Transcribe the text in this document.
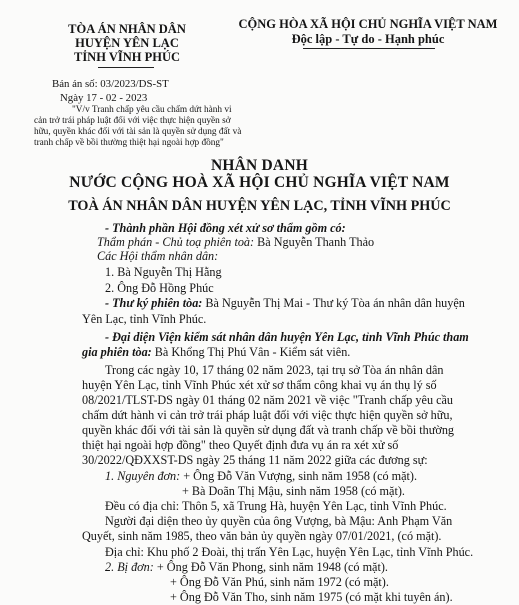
TÒA ÁN NHÂN DÂN
HUYỆN YÊN LẠC
TỈNH VĨNH PHÚC
CỘNG HÒA XÃ HỘI CHỦ NGHĨA VIỆT NAM
Độc lập - Tự do - Hạnh phúc
Bản án số: 03/2023/DS-ST
Ngày 17 - 02 - 2023
"V/v Tranh chấp yêu cầu chấm dứt hành vi
cản trở trái pháp luật đối với việc thực hiện quyền sở
hữu, quyền khác đối với tài sản là quyền sử dụng đất và
tranh chấp về bồi thường thiệt hại ngoài hợp đồng"
NHÂN DANH
NƯỚC CỘNG HOÀ XÃ HỘI CHỦ NGHĨA VIỆT NAM
TOÀ ÁN NHÂN DÂN HUYỆN YÊN LẠC, TỈNH VĨNH PHÚC
- Thành phần Hội đồng xét xử sơ thẩm gồm có:
Thẩm phán - Chủ toạ phiên toà: Bà Nguyễn Thanh Thảo
Các Hội thẩm nhân dân:
1. Bà Nguyễn Thị Hằng
2. Ông Đỗ Hồng Phúc
- Thư ký phiên tòa: Bà Nguyễn Thị Mai - Thư ký Tòa án nhân dân huyện
Yên Lạc, tỉnh Vĩnh Phúc.
- Đại diện Viện kiểm sát nhân dân huyện Yên Lạc, tỉnh Vĩnh Phúc tham
gia phiên tòa: Bà Khổng Thị Phú Vân - Kiểm sát viên.
Trong các ngày 10, 17 tháng 02 năm 2023, tại trụ sở Tòa án nhân dân
huyện Yên Lạc, tỉnh Vĩnh Phúc xét xử sơ thẩm công khai vụ án thụ lý số
08/2021/TLST-DS ngày 01 tháng 02 năm 2021 về việc "Tranh chấp yêu cầu
chấm dứt hành vi cản trở trái pháp luật đối với việc thực hiện quyền sở hữu,
quyền khác đối với tài sản là quyền sử dụng đất và tranh chấp về bồi thường
thiệt hại ngoài hợp đồng" theo Quyết định đưa vụ án ra xét xử số
30/2022/QĐXXST-DS ngày 25 tháng 11 năm 2022 giữa các đương sự:
1. Nguyên đơn: + Ông Đỗ Văn Vượng, sinh năm 1958 (có mặt).
+ Bà Doãn Thị Mậu, sinh năm 1958 (có mặt).
Đều có địa chỉ: Thôn 5, xã Trung Hà, huyện Yên Lạc, tỉnh Vĩnh Phúc.
Người đại diện theo ủy quyền của ông Vượng, bà Mậu: Anh Phạm Văn
Quyết, sinh năm 1985, theo văn bản ủy quyền ngày 07/01/2021, (có mặt).
Địa chỉ: Khu phố 2 Đoài, thị trấn Yên Lạc, huyện Yên Lạc, tỉnh Vĩnh Phúc.
2. Bị đơn: + Ông Đỗ Văn Phong, sinh năm 1948 (có mặt).
+ Ông Đỗ Văn Phú, sinh năm 1972 (có mặt).
+ Ông Đỗ Văn Tho, sinh năm 1975 (có mặt khi tuyên án).
